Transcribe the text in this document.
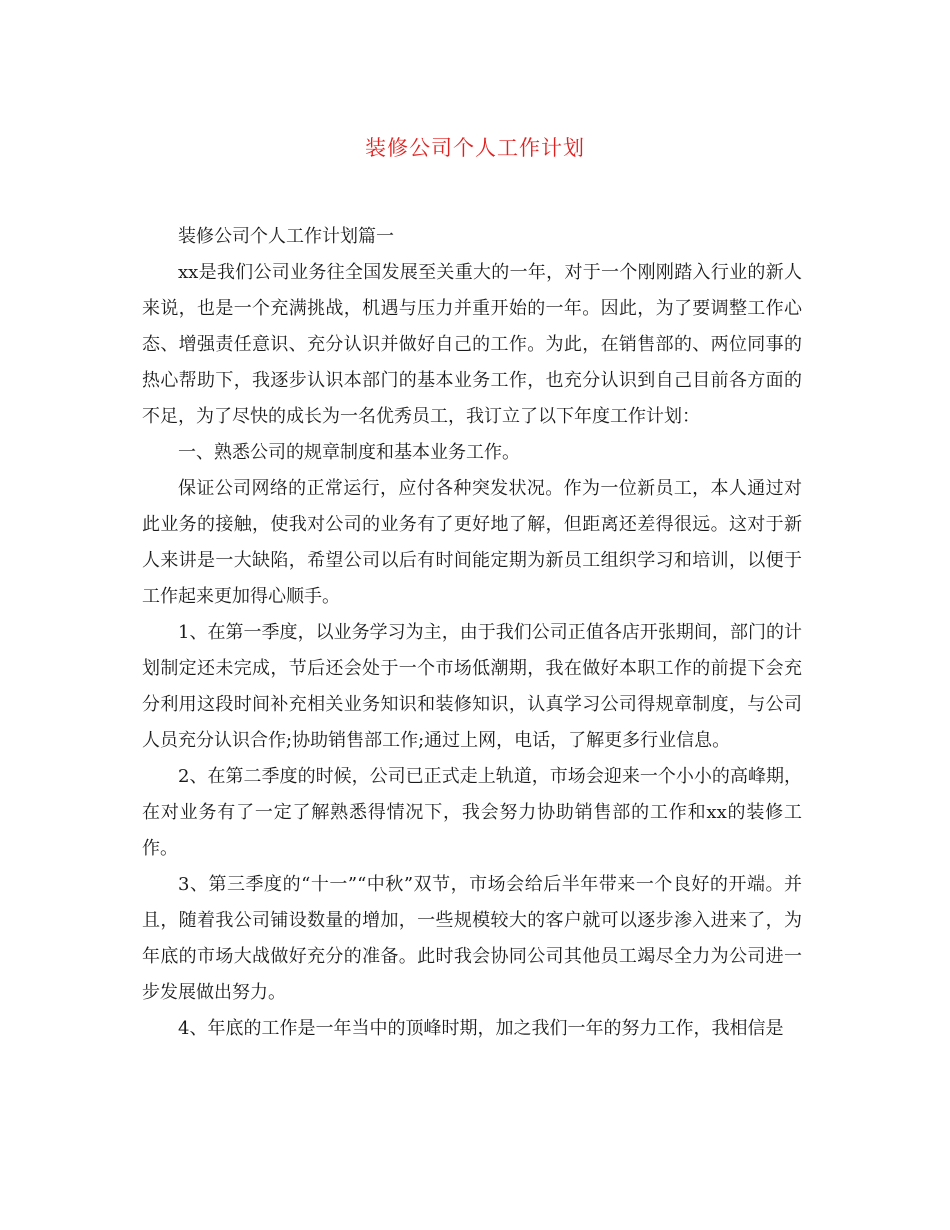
装修公司个人工作计划

装修公司个人工作计划篇一

xx是我们公司业务往全国发展至关重大的一年，对于一个刚刚踏入行业的新人来说，也是一个充满挑战，机遇与压力并重开始的一年。因此，为了要调整工作心态、增强责任意识、充分认识并做好自己的工作。为此，在销售部的、两位同事的热心帮助下，我逐步认识本部门的基本业务工作，也充分认识到自己目前各方面的不足，为了尽快的成长为一名优秀员工，我订立了以下年度工作计划：

一、熟悉公司的规章制度和基本业务工作。

保证公司网络的正常运行，应付各种突发状况。作为一位新员工，本人通过对此业务的接触，使我对公司的业务有了更好地了解，但距离还差得很远。这对于新人来讲是一大缺陷，希望公司以后有时间能定期为新员工组织学习和培训，以便于工作起来更加得心顺手。

1、在第一季度，以业务学习为主，由于我们公司正值各店开张期间，部门的计划制定还未完成，节后还会处于一个市场低潮期，我在做好本职工作的前提下会充分利用这段时间补充相关业务知识和装修知识，认真学习公司得规章制度，与公司人员充分认识合作;协助销售部工作;通过上网，电话，了解更多行业信息。

2、在第二季度的时候，公司已正式走上轨道，市场会迎来一个小小的高峰期，在对业务有了一定了解熟悉得情况下，我会努力协助销售部的工作和xx的装修工作。

3、第三季度的“十一”“中秋”双节，市场会给后半年带来一个良好的开端。并且，随着我公司铺设数量的增加，一些规模较大的客户就可以逐步渗入进来了，为年底的市场大战做好充分的准备。此时我会协同公司其他员工竭尽全力为公司进一步发展做出努力。

4、年底的工作是一年当中的顶峰时期，加之我们一年的努力工作，我相信是
